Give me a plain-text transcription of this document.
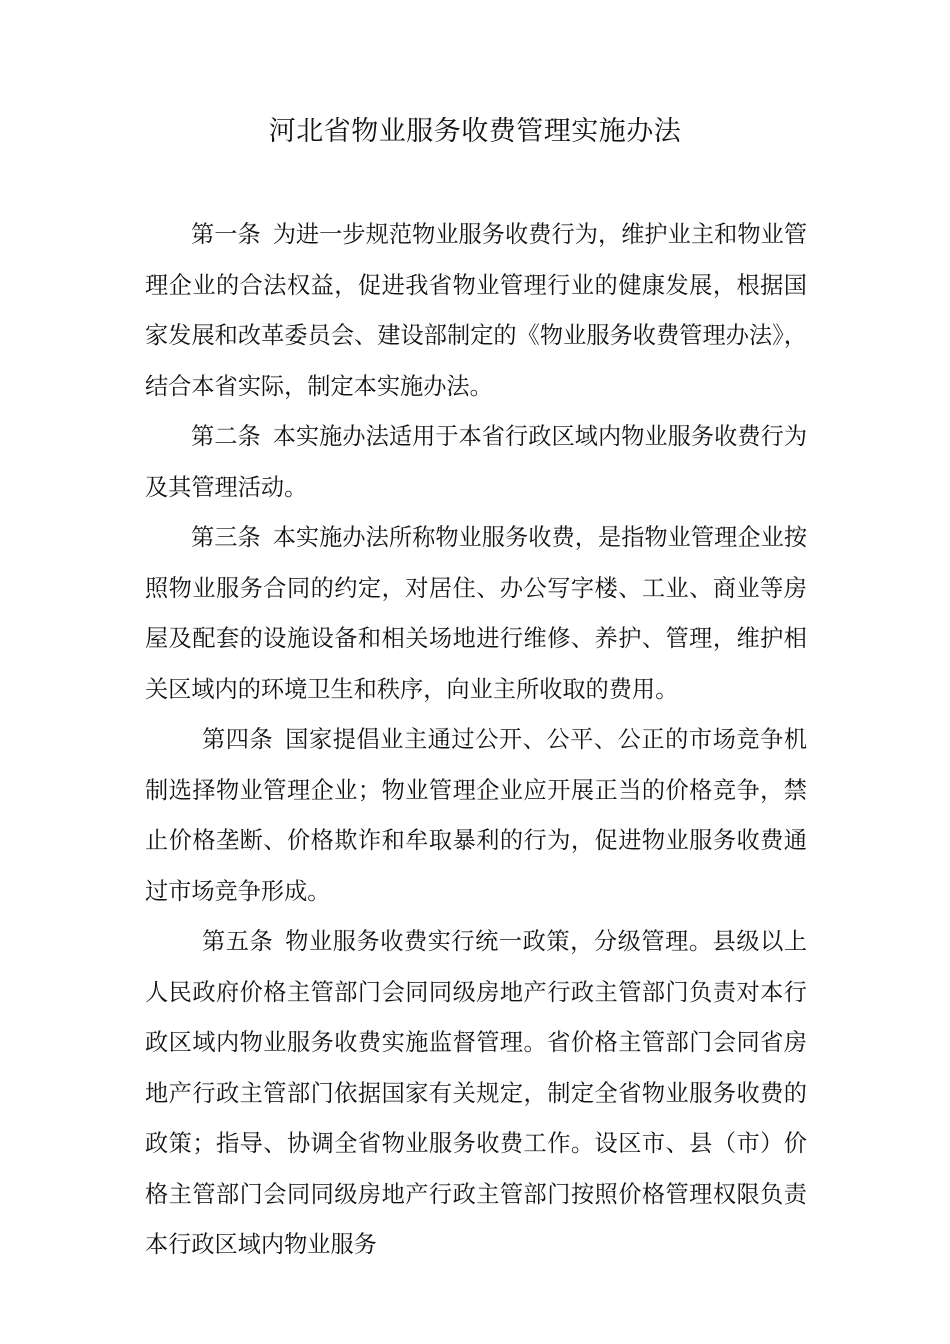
河北省物业服务收费管理实施办法

第一条 为进一步规范物业服务收费行为，维护业主和物业管理企业的合法权益，促进我省物业管理行业的健康发展，根据国家发展和改革委员会、建设部制定的《物业服务收费管理办法》，结合本省实际，制定本实施办法。

第二条 本实施办法适用于本省行政区域内物业服务收费行为及其管理活动。

第三条 本实施办法所称物业服务收费，是指物业管理企业按照物业服务合同的约定，对居住、办公写字楼、工业、商业等房屋及配套的设施设备和相关场地进行维修、养护、管理，维护相关区域内的环境卫生和秩序，向业主所收取的费用。

第四条 国家提倡业主通过公开、公平、公正的市场竞争机制选择物业管理企业；物业管理企业应开展正当的价格竞争，禁止价格垄断、价格欺诈和牟取暴利的行为，促进物业服务收费通过市场竞争形成。

第五条 物业服务收费实行统一政策，分级管理。县级以上人民政府价格主管部门会同同级房地产行政主管部门负责对本行政区域内物业服务收费实施监督管理。省价格主管部门会同省房地产行政主管部门依据国家有关规定，制定全省物业服务收费的政策；指导、协调全省物业服务收费工作。设区市、县（市）价格主管部门会同同级房地产行政主管部门按照价格管理权限负责本行政区域内物业服务
